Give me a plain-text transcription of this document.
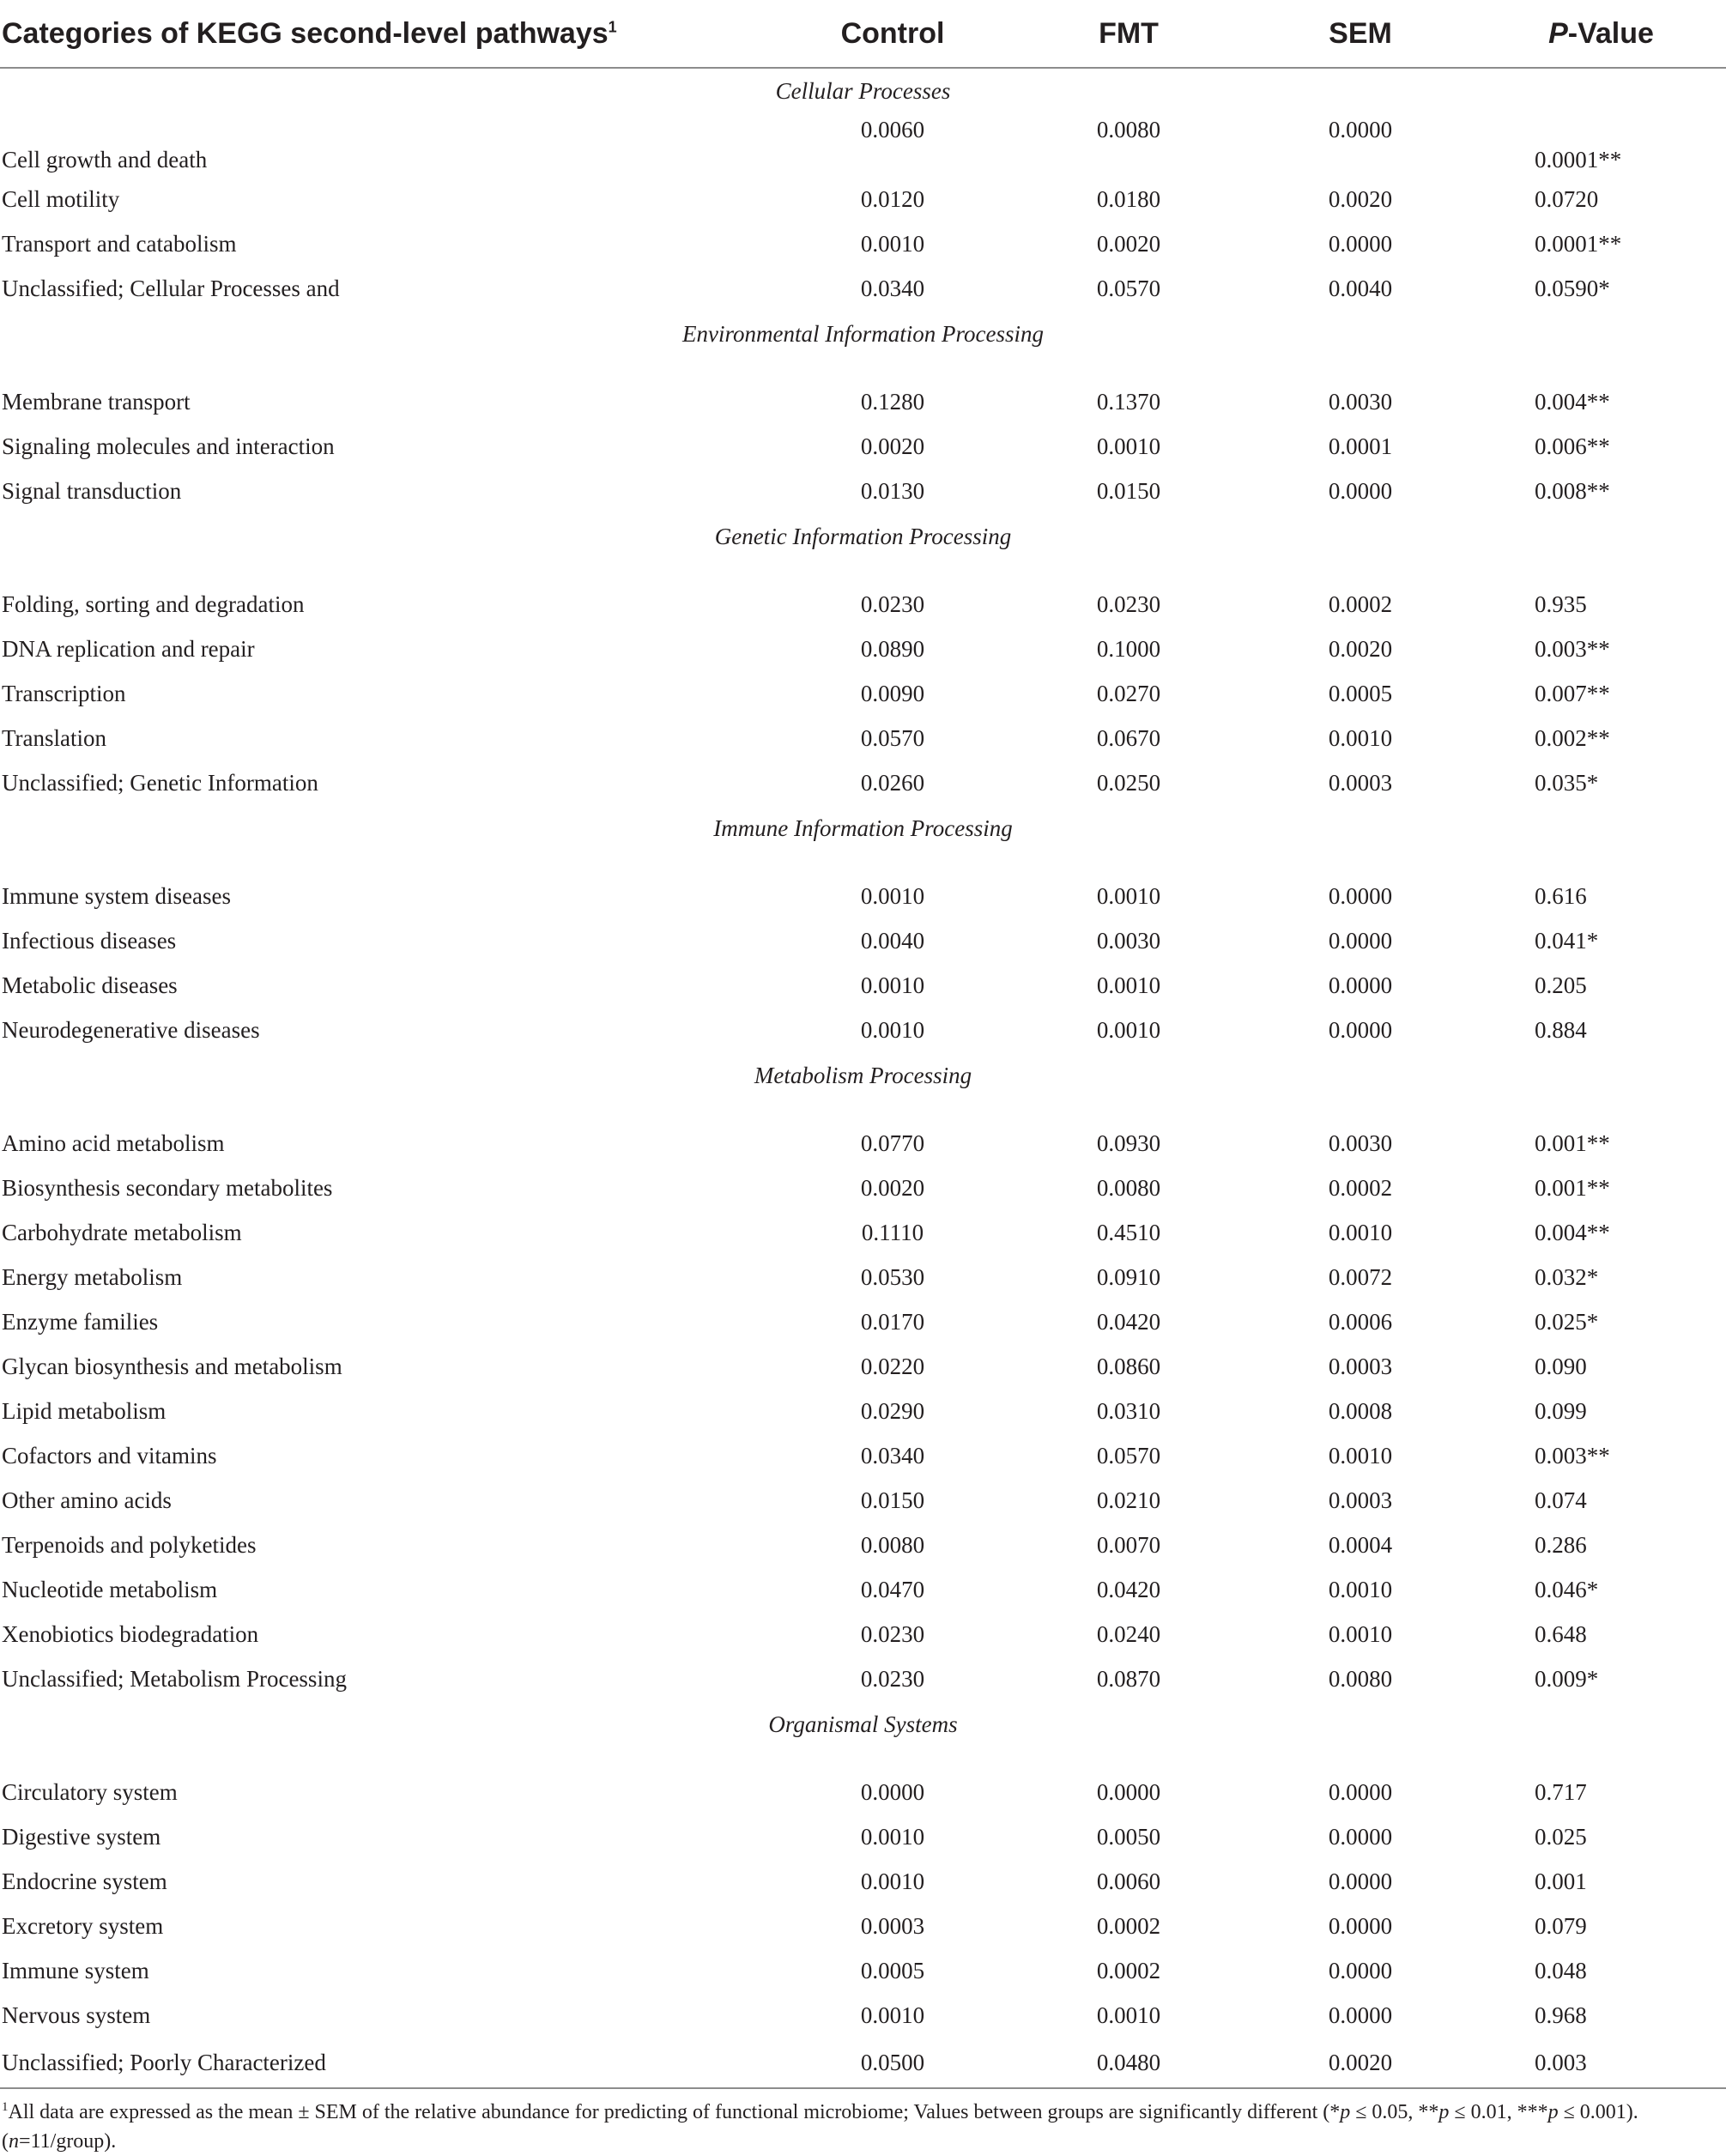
Categories of KEGG second-level pathways$^1$	Control	FMT	SEM	P-Value
Cellular Processes				
Cell growth and death	0.0060	0.0080	0.0000	0.0001**
Cell motility	0.0120	0.0180	0.0020	0.0720
Transport and catabolism	0.0010	0.0020	0.0000	0.0001**
Unclassified; Cellular Processes and	0.0340	0.0570	0.0040	0.0590*
Environmental Information Processing				
Membrane transport	0.1280	0.1370	0.0030	0.004**
Signaling molecules and interaction	0.0020	0.0010	0.0001	0.006**
Signal transduction	0.0130	0.0150	0.0000	0.008**
Genetic Information Processing				
Folding, sorting and degradation	0.0230	0.0230	0.0002	0.935
DNA replication and repair	0.0890	0.1000	0.0020	0.003**
Transcription	0.0090	0.0270	0.0005	0.007**
Translation	0.0570	0.0670	0.0010	0.002**
Unclassified; Genetic Information	0.0260	0.0250	0.0003	0.035*
Immune Information Processing				
Immune system diseases	0.0010	0.0010	0.0000	0.616
Infectious diseases	0.0040	0.0030	0.0000	0.041*
Metabolic diseases	0.0010	0.0010	0.0000	0.205
Neurodegenerative diseases	0.0010	0.0010	0.0000	0.884
Metabolism Processing				
Amino acid metabolism	0.0770	0.0930	0.0030	0.001**
Biosynthesis secondary metabolites	0.0020	0.0080	0.0002	0.001**
Carbohydrate metabolism	0.1110	0.4510	0.0010	0.004**
Energy metabolism	0.0530	0.0910	0.0072	0.032*
Enzyme families	0.0170	0.0420	0.0006	0.025*
Glycan biosynthesis and metabolism	0.0220	0.0860	0.0003	0.090
Lipid metabolism	0.0290	0.0310	0.0008	0.099
Cofactors and vitamins	0.0340	0.0570	0.0010	0.003**
Other amino acids	0.0150	0.0210	0.0003	0.074
Terpenoids and polyketides	0.0080	0.0070	0.0004	0.286
Nucleotide metabolism	0.0470	0.0420	0.0010	0.046*
Xenobiotics biodegradation	0.0230	0.0240	0.0010	0.648
Unclassified; Metabolism Processing	0.0230	0.0870	0.0080	0.009*
Organismal Systems				
Circulatory system	0.0000	0.0000	0.0000	0.717
Digestive system	0.0010	0.0050	0.0000	0.025
Endocrine system	0.0010	0.0060	0.0000	0.001
Excretory system	0.0003	0.0002	0.0000	0.079
Immune system	0.0005	0.0002	0.0000	0.048
Nervous system	0.0010	0.0010	0.0000	0.968
Unclassified; Poorly Characterized	0.0500	0.0480	0.0020	0.003
$^1$All data are expressed as the mean ± SEM of the relative abundance for predicting of functional microbiome; Values between groups are significantly different (*p ≤ 0.05, **p ≤ 0.01, ***p ≤ 0.001). (n=11/group).
